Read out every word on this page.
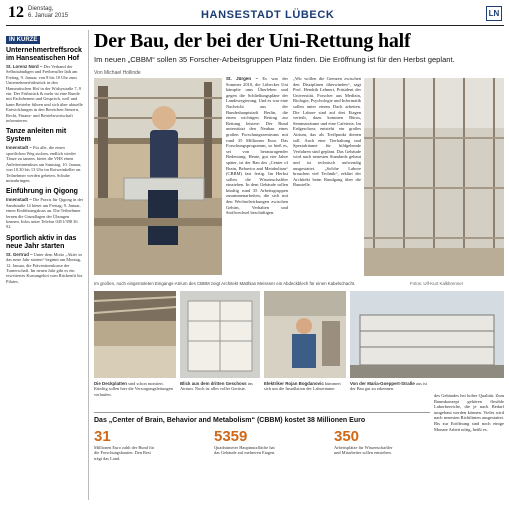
12 Dienstag,
6. Januar 2015	HANSESTADT LÜBECK	LN
IN KÜRZE
Unternehmertreffsrock im Hanseatischen Hof
St. Lorenz Nord – Der Verband der Selbstständigen und Freiberufler lädt am Freitag, 9. Januar, von 8 bis 10 Uhr zum Unternehmerfrühstück in den Hanseatischen Hof in der Wisbystraße 7–9 ein. Der Frühstück & mehr ist eine Runde mit Fachthemen und Gespräch, weil und kann Betriebe führen und sich über aktuelle Entwicklungen in den Bereichen Steuern, Recht, Finanz- und Betriebswirtschaft informieren.
Tanze anleiten mit System
Innenstadt – Für alle, die einen sportlichen Weg suchen, endlich wieder Tänze zu tanzen, bietet die VHS einen Anleiterinnenkurs am Samstag, 10. Januar, von 10.30 bis 13 Uhr im Rotweinkeller an. Teilnehmer werden gebeten, Schuhe mitzubringen.
Einführung in Qigong
Innenstadt – Die Praxis für Qigong in der Sandstraße 14 bietet am Freitag, 9. Januar, einen Einführungskurs an. Die Teilnehmer lernen die Grundlagen der Übungen kennen. Infos unter Telefon 0451/398 36 92.
Sportlich aktiv in das neue Jahr starten
St. Gertrud – Unter dem Motto „Aktiv in das neue Jahr starten“ beginnt am Montag, 12. Januar, die Präventionskurse der Turnerschaft. Im neuen Jahr gibt es ein erweitertes Kursangebot vom Rückenfit bis Pilates.
Der Bau, der bei der Uni-Rettung half
Im neuen „CBBM“ sollen 35 Forscher-Arbeitsgruppen Platz finden. Die Eröffnung ist für den Herbst geplant.
Von Michael Hollinde
St. Jürgen – Es war der Sommer 2010, die Lübecker Uni kämpfte ums Überleben und gegen die Schließungspläne der Landesregierung. Und es war eine Nachricht aus der Bundeshauptstadt Berlin, die einen wichtigen Beitrag zur Rettung leistete: Der Bund unterstützt den Neubau eines großen Forschungszentrums mit rund 35 Millionen Euro. Das Forschungsprogramm, so hieß es, sei von herausragender Bedeutung. Heute, gut vier Jahre später, ist der Bau des „Center of Brain, Behavior and Metabolism“ (CBBM) fast fertig. Im Herbst sollen die Wissenschaftler einziehen. In dem Gebäude sollen künftig rund 35 Arbeitsgruppen zusammenarbeiten, die sich mit den Wechselwirkungen zwischen Gehirn, Verhalten und Stoffwechsel beschäftigen.
„Wir wollen die Grenzen zwischen den Disziplinen überwinden“, sagt Prof. Hendrik Lehnert, Präsident der Universität. Forscher aus Medizin, Biologie, Psychologie und Informatik sollen unter einem Dach arbeiten. Die Labore sind auf drei Etagen verteilt, dazu kommen Büros, Seminarräume und eine Cafeteria. Im Erdgeschoss entsteht ein großes Atrium, das als Treffpunkt dienen soll. Auch eine Tierhaltung und Spezialräume für bildgebende Verfahren sind geplant. Das Gebäude wird nach neuesten Standards gebaut und ist technisch aufwendig ausgestattet. „Solche Labore brauchen viel Technik“, erklärt der Architekt beim Rundgang über die Baustelle.
Im großen, noch eingerüsteten Eingangs-Atrium des CBBM zeigt Architekt Matthias Meissner ein Abdeckblech für einen Kabelschacht.	Fotos: Ulf-Kurt Kalkbrenner
Die Deckplatten sind schon montiert. Künftig sollen hier die Versorgungsleitungen verlaufen.
Blick aus dem dritten Geschoss ins Atrium. Noch ist alles voller Gerüste.
Elektriker Rojan Bogdanovic kümmert sich um die Installation der Laborräume.
Von der Maria-Goeppert-Straße aus ist der Bau gut zu erkennen.
Das „Center of Brain, Behavior and Metabolism“ (CBBM) kostet 38 Millionen Euro
31
Millionen Euro zahlt der Bund für die Forschungsbauten. Den Rest trägt das Land.
5359
Quadratmeter Hauptnutzfläche hat das Gebäude auf mehreren Etagen.
350
Arbeitsplätze für Wissenschaftler und Mitarbeiter sollen entstehen.
des Gebäudes bei hoher Qualität. Zum Raumkonzept gehören flexible Laborbereiche, die je nach Bedarf umgebaut werden können. Vieles wird nach neuesten Richtlinien ausgestattet. Bis zur Eröffnung sind noch einige Monate Arbeit nötig, heißt es.
